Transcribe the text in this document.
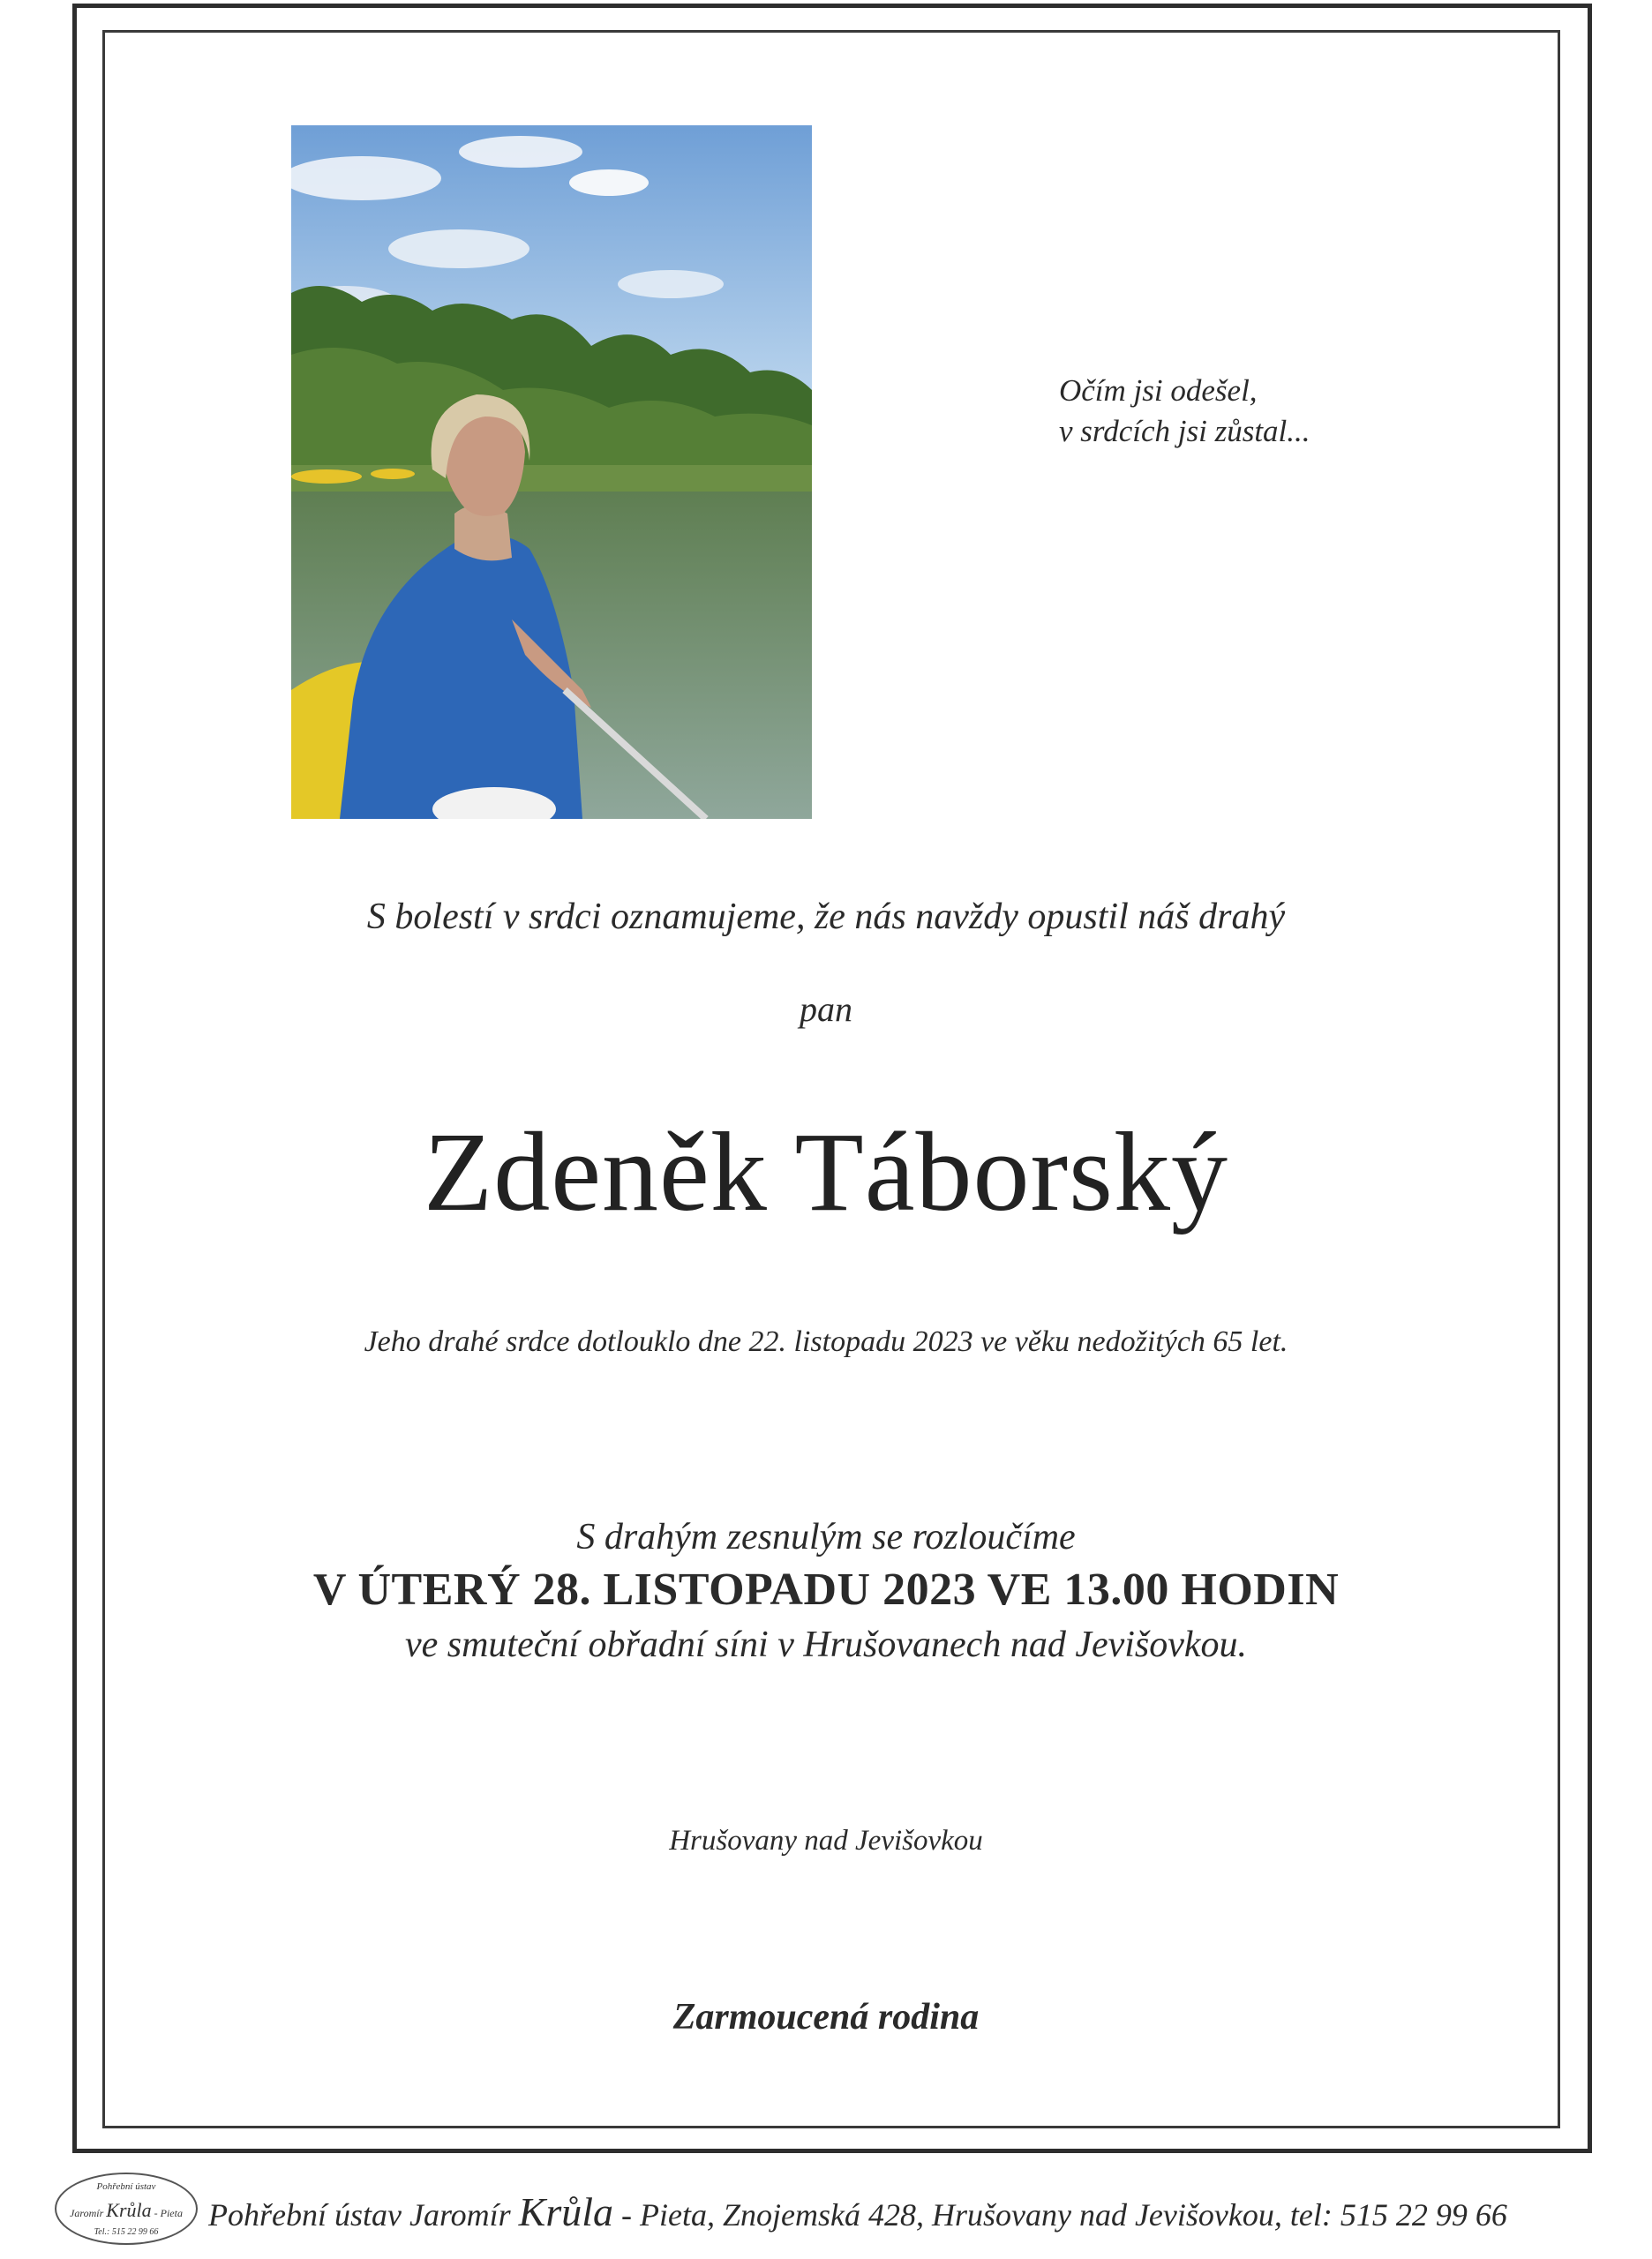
Očím jsi odešel,
v srdcích jsi zůstal...
S bolestí v srdci oznamujeme, že nás navždy opustil náš drahý
pan
Zdeněk Táborský
Jeho drahé srdce dotlouklo dne 22. listopadu 2023 ve věku nedožitých 65 let.
S drahým zesnulým se rozloučíme
V ÚTERÝ 28. LISTOPADU 2023 VE 13.00 HODIN
ve smuteční obřadní síni v Hrušovanech nad Jevišovkou.
Hrušovany nad Jevišovkou
Zarmoucená rodina
Pohřební ústav
Jaromír Krůla - Pieta
Tel.: 515 22 99 66	Pohřební ústav Jaromír Krůla - Pieta, Znojemská 428, Hrušovany nad Jevišovkou, tel: 515 22 99 66
